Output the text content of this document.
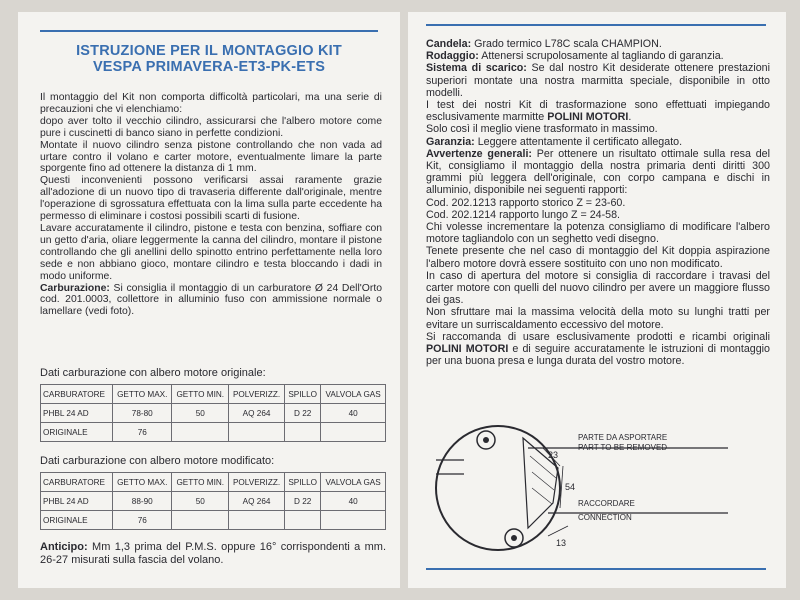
ISTRUZIONE PER IL MONTAGGIO KIT
VESPA PRIMAVERA-ET3-PK-ETS

Il montaggio del Kit non comporta difficoltà particolari, ma una serie di precauzioni che vi elenchiamo:

dopo aver tolto il vecchio cilindro, assicurarsi che l'albero motore come pure i cuscinetti di banco siano in perfette condizioni.

Montate il nuovo cilindro senza pistone controllando che non vada ad urtare contro il volano e carter motore, eventualmente limare la parte sporgente fino ad ottenere la distanza di 1 mm.

Questi inconvenienti possono verificarsi assai raramente grazie all'adozione di un nuovo tipo di travaseria differente dall'originale, mentre l'operazione di sgrossatura effettuata con la lima sulla parte eccedente ha permesso di eliminare i costosi possibili scarti di fusione.

Lavare accuratamente il cilindro, pistone e testa con benzina, soffiare con un getto d'aria, oliare leggermente la canna del cilindro, montare il pistone controllando che gli anellini dello spinotto entrino perfettamente nella loro sede e non abbiano gioco, montare cilindro e testa bloccando i dadi in modo uniforme.

Carburazione: Si consiglia il montaggio di un carburatore Ø 24 Dell'Orto cod. 201.0003, collettore in alluminio fuso con ammissione normale o lamellare (vedi foto).

Dati carburazione con albero motore originale:
CARBURATORE	GETTO MAX.	GETTO MIN.	POLVERIZZ.	SPILLO	VALVOLA GAS
PHBL 24 AD	78-80	50	AQ 264	D 22	40
ORIGINALE	76				
Dati carburazione con albero motore modificato:
CARBURATORE	GETTO MAX.	GETTO MIN.	POLVERIZZ.	SPILLO	VALVOLA GAS
PHBL 24 AD	88-90	50	AQ 264	D 22	40
ORIGINALE	76				
Anticipo: Mm 1,3 prima del P.M.S. oppure 16° corrispondenti a mm. 26-27 misurati sulla fascia del volano.

Candela: Grado termico L78C scala CHAMPION.

Rodaggio: Attenersi scrupolosamente al tagliando di garanzia.

Sistema di scarico: Se dal nostro Kit desiderate ottenere prestazioni superiori montate una nostra marmitta speciale, disponibile in otto modelli.

I test dei nostri Kit di trasformazione sono effettuati impiegando esclusivamente marmitte POLINI MOTORI.

Solo così il meglio viene trasformato in massimo.

Garanzia: Leggere attentamente il certificato allegato.

Avvertenze generali: Per ottenere un risultato ottimale sulla resa del Kit, consigliamo il montaggio della nostra primaria denti diritti 300 grammi più leggera dell'originale, con corpo campana e dischi in alluminio, disponibile nei seguenti rapporti:

Cod. 202.1213 rapporto storico Z = 23-60.

Cod. 202.1214 rapporto lungo Z = 24-58.

Chi volesse incrementare la potenza consigliamo di modificare l'albero motore tagliandolo con un seghetto vedi disegno.

Tenete presente che nel caso di montaggio del Kit doppia aspirazione l'albero motore dovrà essere sostituito con uno non modificato.

In caso di apertura del motore si consiglia di raccordare i travasi del carter motore con quelli del nuovo cilindro per avere un maggiore flusso dei gas.

Non sfruttare mai la massima velocità della moto su lunghi tratti per evitare un surriscaldamento eccessivo del motore.

Si raccomanda di usare esclusivamente prodotti e ricambi originali POLINI MOTORI e di seguire accuratamente le istruzioni di montaggio per una buona presa e lunga durata del vostro motore.

23
54
13
PARTE DA ASPORTARE
PART TO BE REMOVED
RACCORDARE
CONNECTION
